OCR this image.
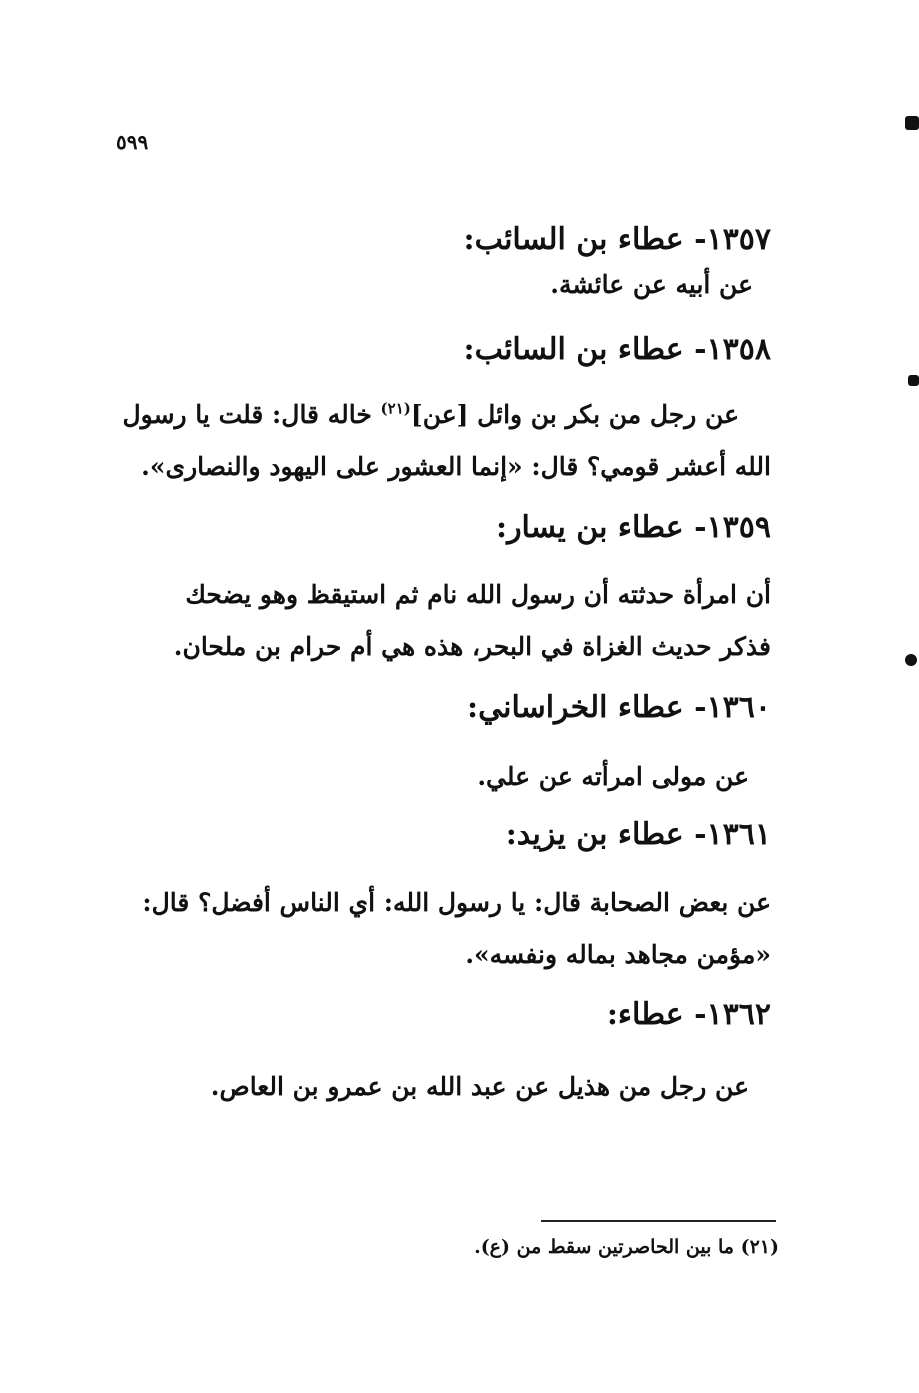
٥٩٩
١٣٥٧- عطاء بن السائب:
عن أبيه عن عائشة.
١٣٥٨- عطاء بن السائب:
عن رجل من بكر بن وائل [عن]$^{(٢١)}$ خاله قال: قلت يا رسول
الله أعشر قومي؟ قال: «إنما العشور على اليهود والنصارى».
١٣٥٩- عطاء بن يسار:
أن امرأة حدثته أن رسول الله نام ثم استيقظ وهو يضحك
فذكر حديث الغزاة في البحر، هذه هي أم حرام بن ملحان.
١٣٦٠- عطاء الخراساني:
عن مولى امرأته عن علي.
١٣٦١- عطاء بن يزيد:
عن بعض الصحابة قال: يا رسول الله: أي الناس أفضل؟ قال:
«مؤمن مجاهد بماله ونفسه».
١٣٦٢- عطاء:
عن رجل من هذيل عن عبد الله بن عمرو بن العاص.
(٢١) ما بين الحاصرتين سقط من (ع).
